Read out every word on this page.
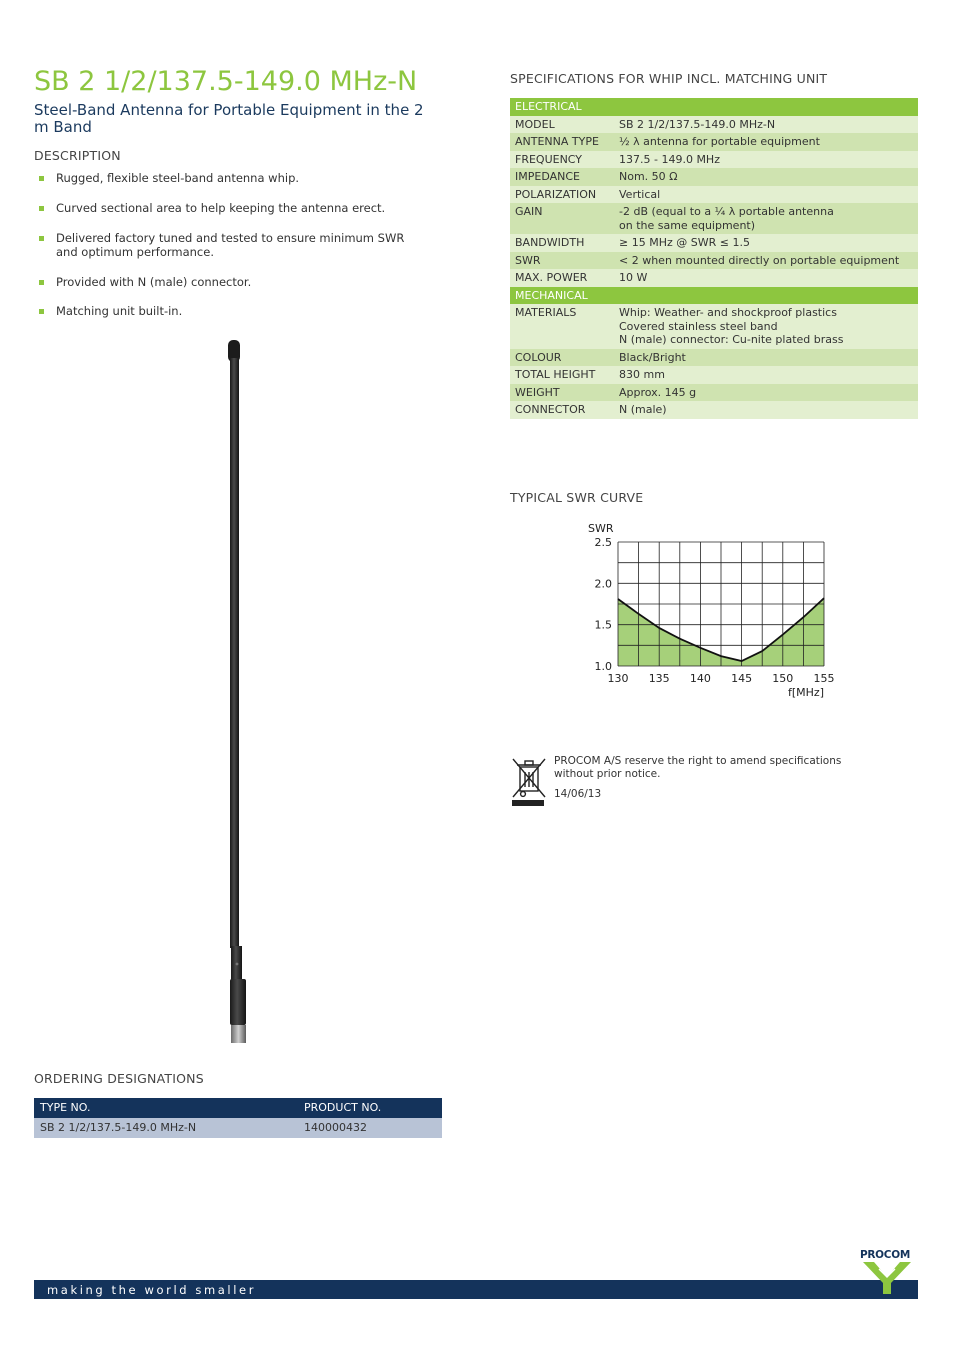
SB 2 1/2/137.5-149.0 MHz-N
Steel-Band Antenna for Portable Equipment in the 2 m Band
DESCRIPTION
Rugged, flexible steel-band antenna whip.
Curved sectional area to help keeping the antenna erect.
Delivered factory tuned and tested to ensure minimum SWR and optimum performance.
Provided with N (male) connector.
Matching unit built-in.
SPECIFICATIONS FOR WHIP INCL. MATCHING UNIT
ELECTRICAL	
MODEL	SB 2 1/2/137.5-149.0 MHz-N
ANTENNA TYPE	½ λ antenna for portable equipment
FREQUENCY	137.5 - 149.0 MHz
IMPEDANCE	Nom. 50 Ω
POLARIZATION	Vertical
GAIN	-2 dB (equal to a ¼ λ portable antenna
on the same equipment)
BANDWIDTH	≥ 15 MHz @ SWR ≤ 1.5
SWR	< 2 when mounted directly on portable equipment
MAX. POWER	10 W
MECHANICAL	
MATERIALS	Whip: Weather- and shockproof plastics
Covered stainless steel band
N (male) connector: Cu-nite plated brass
COLOUR	Black/Bright
TOTAL HEIGHT	830 mm
WEIGHT	Approx. 145 g
CONNECTOR	N (male)
TYPICAL SWR CURVE
1.0
1.5
2.0
2.5
130 135 140 145 150 155
SWR
f[MHz]
PROCOM A/S reserve the right to amend specifications without prior notice.
14/06/13
ORDERING DESIGNATIONS
TYPE NO.	PRODUCT NO.
SB 2 1/2/137.5-149.0 MHz-N	140000432
making the world smaller
PROCOM
